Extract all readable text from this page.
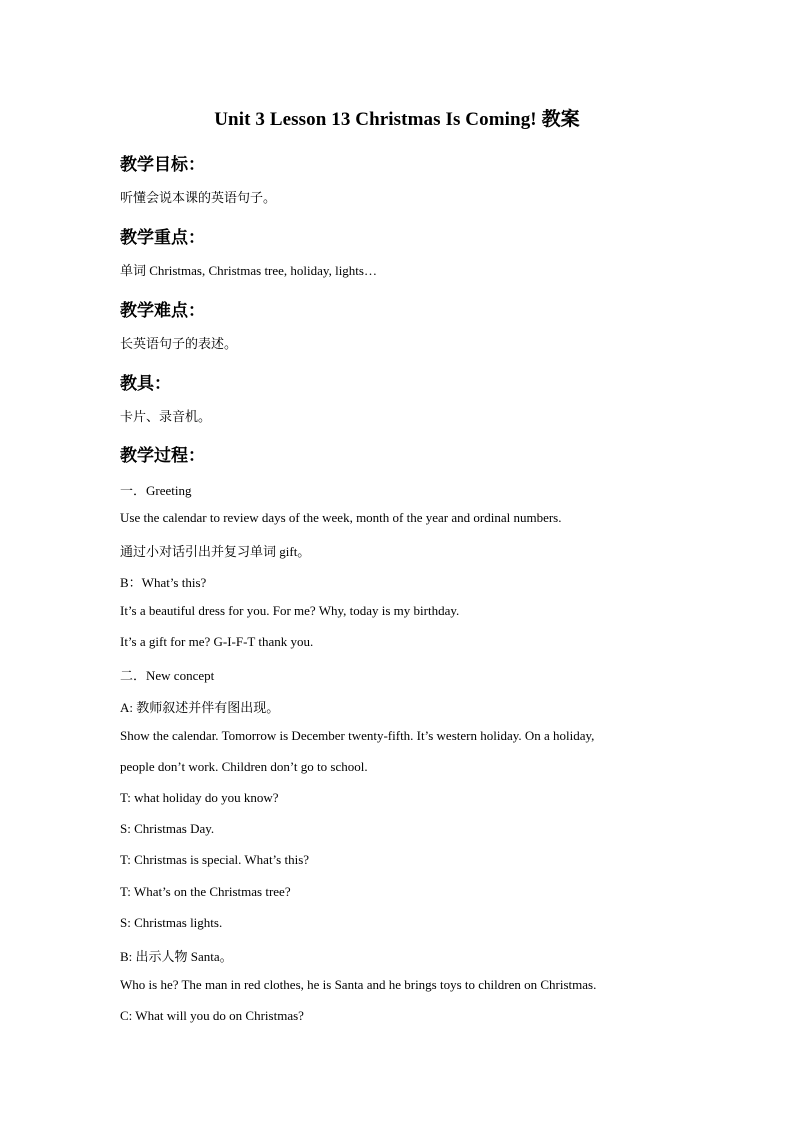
Unit 3 Lesson 13 Christmas Is Coming! 教案
教学目标：
听懂会说本课的英语句子。
教学重点：
单词 Christmas, Christmas tree, holiday, lights…
教学难点：
长英语句子的表述。
教具：
卡片、录音机。
教学过程：
一．Greeting
Use the calendar to review days of the week, month of the year and ordinal numbers.
通过小对话引出并复习单词 gift。
B：What’s this?
It’s a beautiful dress for you. For me? Why, today is my birthday.
It’s a gift for me? G-I-F-T thank you.
二．New concept
A: 教师叙述并伴有图出现。
Show the calendar. Tomorrow is December twenty-fifth. It’s western holiday. On a holiday,
people don’t work. Children don’t go to school.
T: what holiday do you know?
S: Christmas Day.
T: Christmas is special. What’s this?
T: What’s on the Christmas tree?
S: Christmas lights.
B: 出示人物 Santa。
Who is he? The man in red clothes, he is Santa and he brings toys to children on Christmas.
C: What will you do on Christmas?
